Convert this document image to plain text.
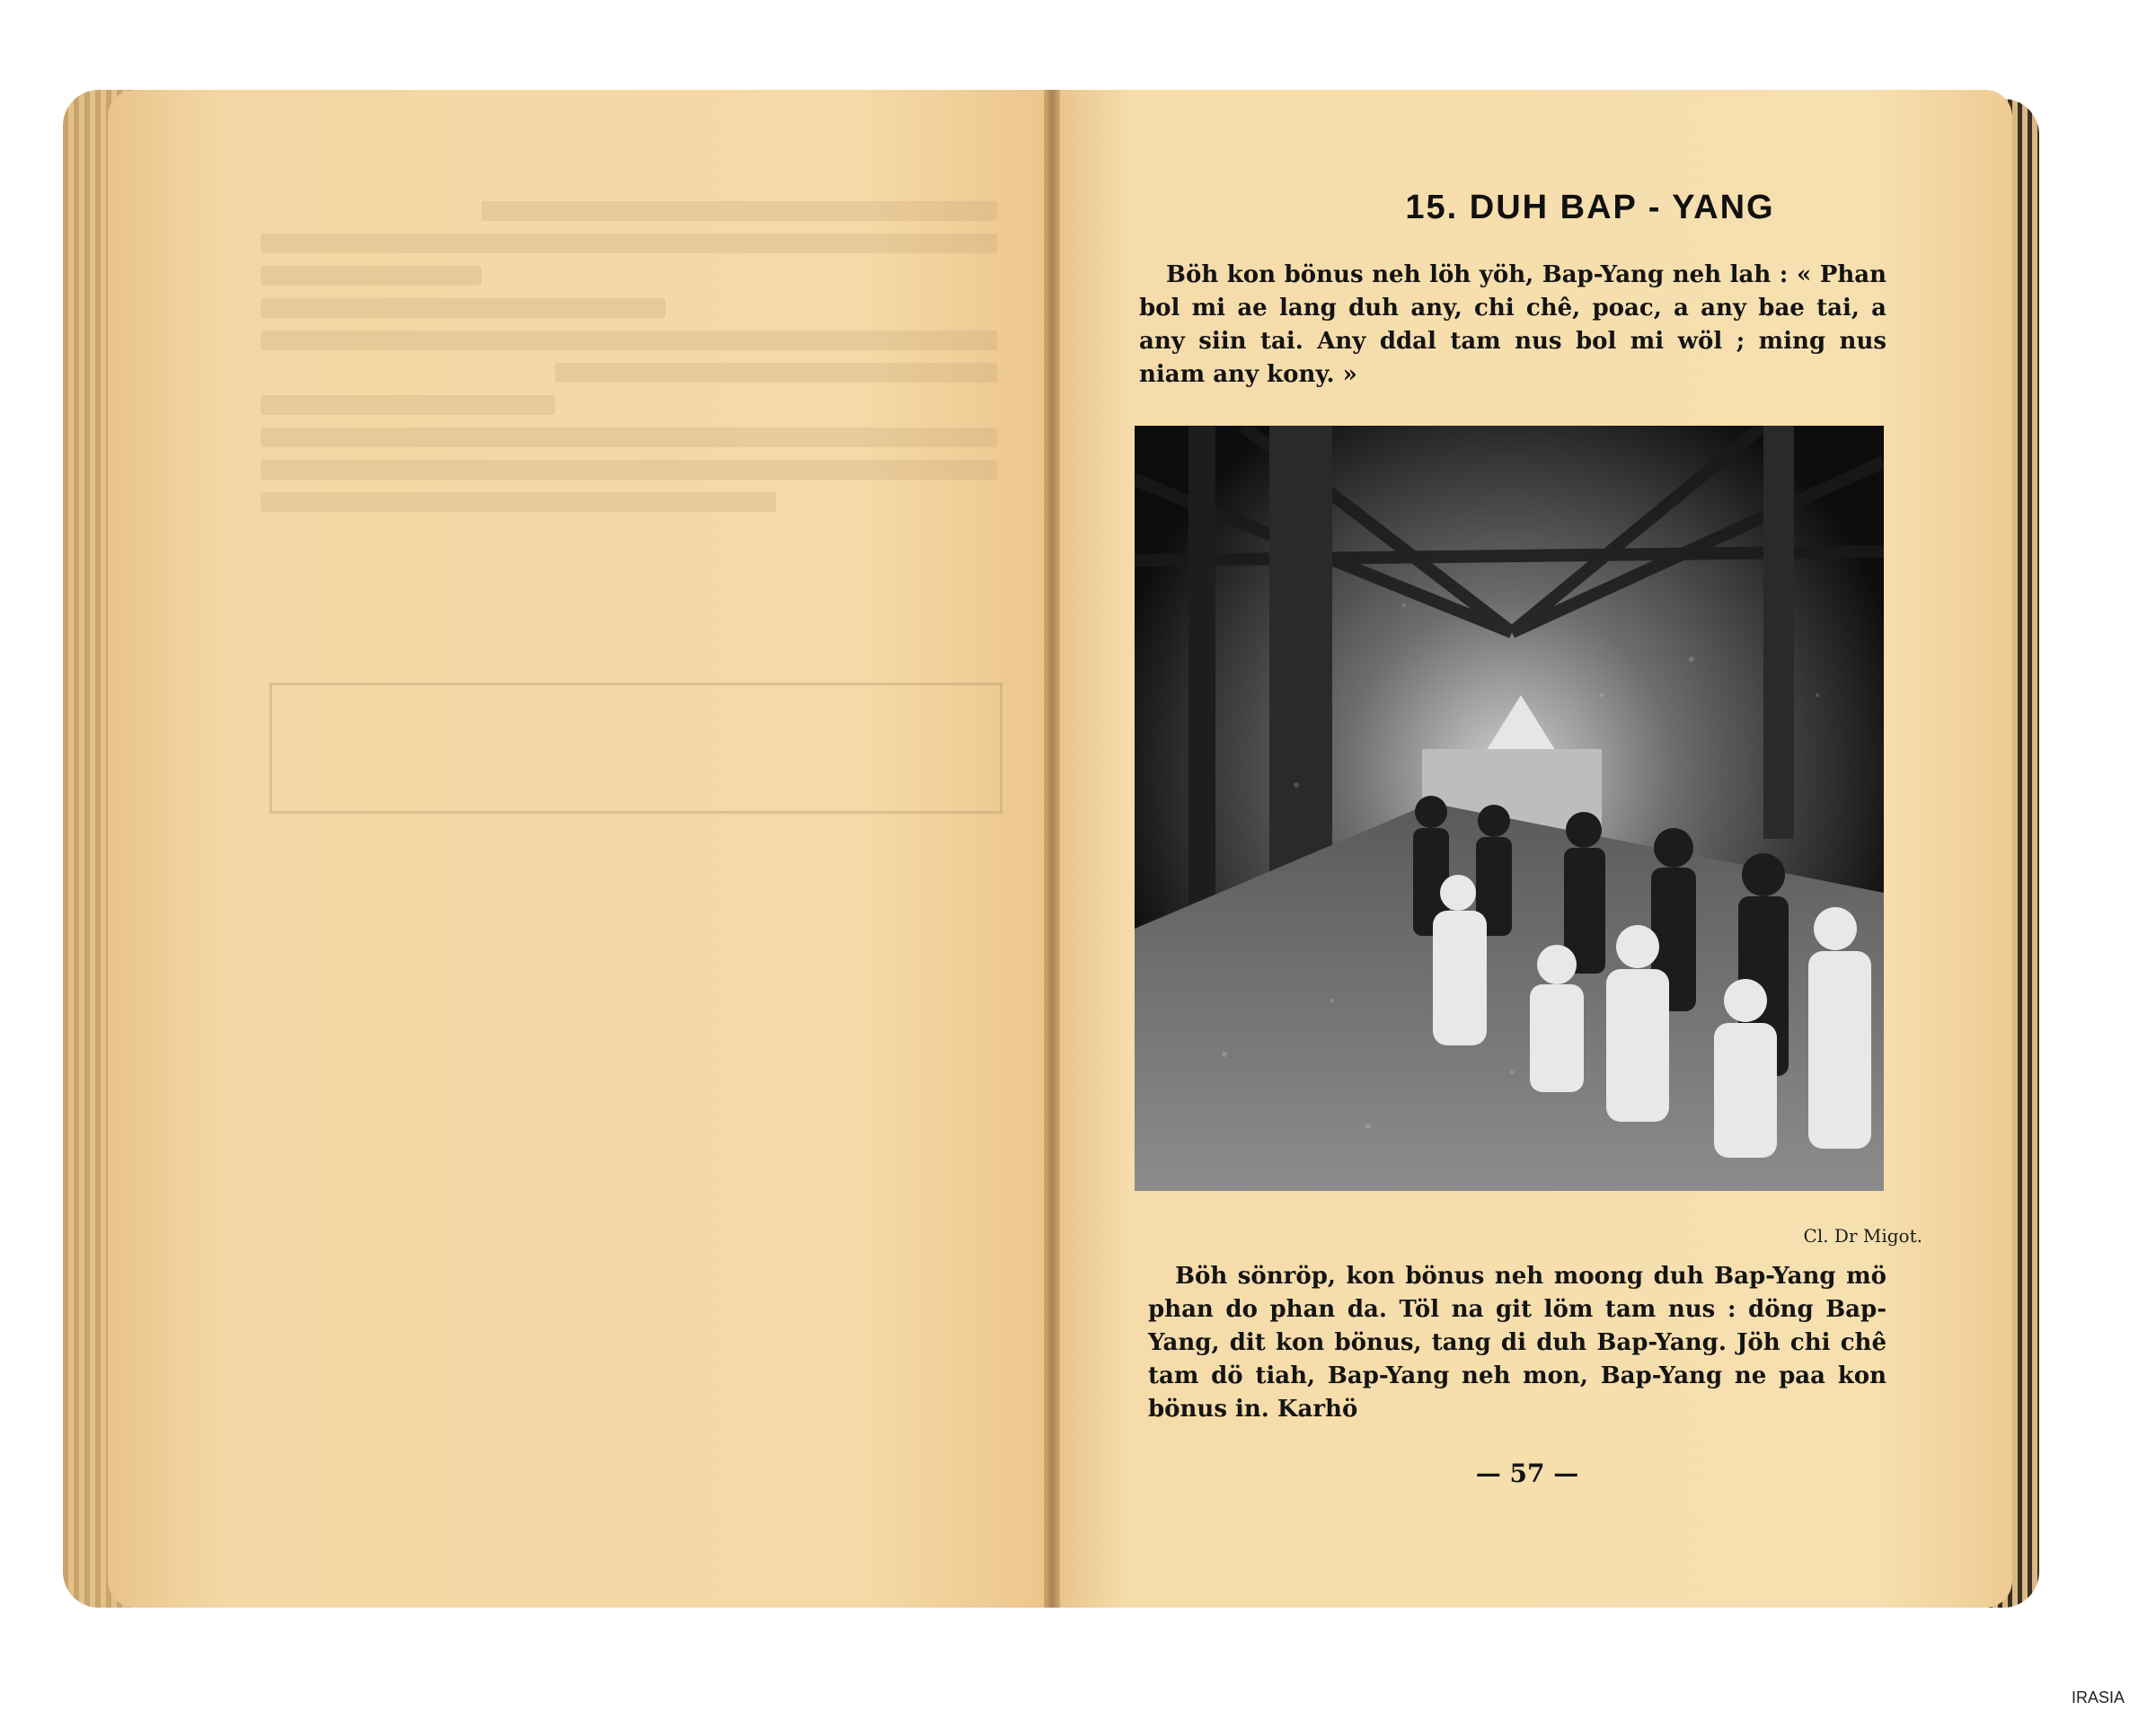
15. DUH BAP - YANG
Böh kon bönus neh löh yöh, Bap-Yang neh lah : « Phan bol mi ae lang duh any, chi chê, poac, a any bae tai, a any siin tai. Any ddal tam nus bol mi wöl ; ming nus niam any kony. »
Cl. Dr Migot.
Böh sönröp, kon bönus neh moong duh Bap-Yang mö phan do phan da. Töl na git löm tam nus : döng Bap-Yang, dit kon bönus, tang di duh Bap-Yang. Jöh chi chê tam dö tiah, Bap-Yang neh mon, Bap-Yang ne paa kon bönus in. Karhö
— 57 —
IRASIA
